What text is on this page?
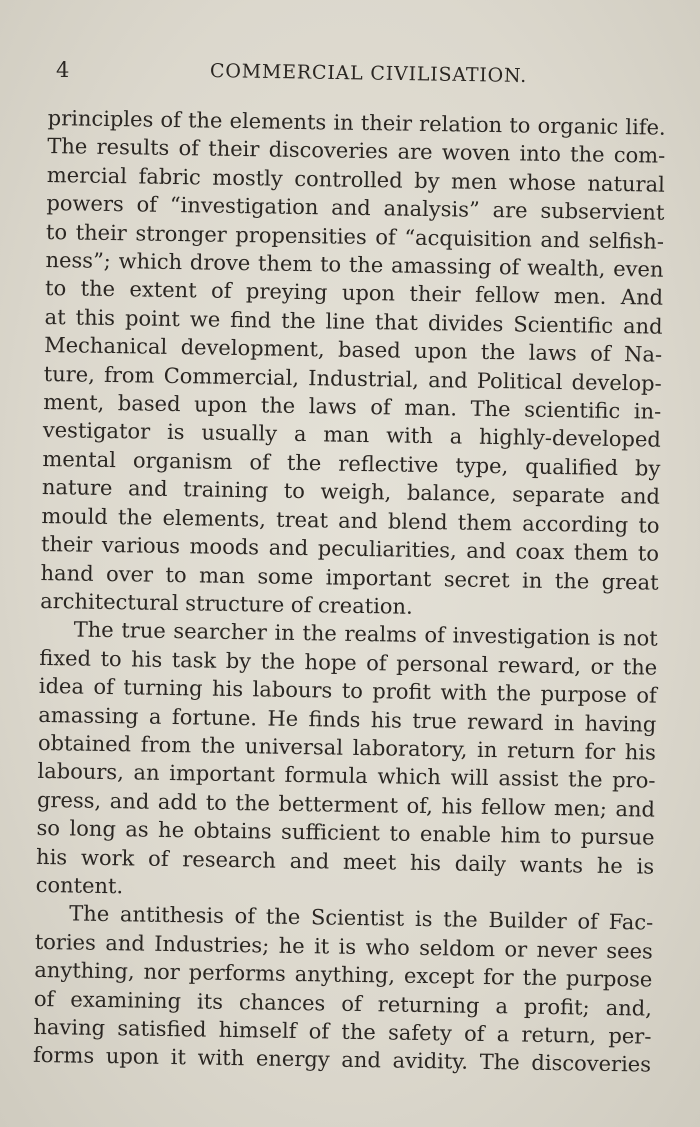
4	COMMERCIAL CIVILISATION.
principles of the elements in their relation to organic life.
The results of their discoveries are woven into the com-
mercial fabric mostly controlled by men whose natural
powers of “investigation and analysis” are subservient
to their stronger propensities of “acquisition and selfish-
ness”; which drove them to the amassing of wealth, even
to the extent of preying upon their fellow men. And
at this point we find the line that divides Scientific and
Mechanical development, based upon the laws of Na-
ture, from Commercial, Industrial, and Political develop-
ment, based upon the laws of man. The scientific in-
vestigator is usually a man with a highly-developed
mental organism of the reflective type, qualified by
nature and training to weigh, balance, separate and
mould the elements, treat and blend them according to
their various moods and peculiarities, and coax them to
hand over to man some important secret in the great
architectural structure of creation.
The true searcher in the realms of investigation is not
fixed to his task by the hope of personal reward, or the
idea of turning his labours to profit with the purpose of
amassing a fortune. He finds his true reward in having
obtained from the universal laboratory, in return for his
labours, an important formula which will assist the pro-
gress, and add to the betterment of, his fellow men; and
so long as he obtains sufficient to enable him to pursue
his work of research and meet his daily wants he is
content.
The antithesis of the Scientist is the Builder of Fac-
tories and Industries; he it is who seldom or never sees
anything, nor performs anything, except for the purpose
of examining its chances of returning a profit; and,
having satisfied himself of the safety of a return, per-
forms upon it with energy and avidity. The discoveries
